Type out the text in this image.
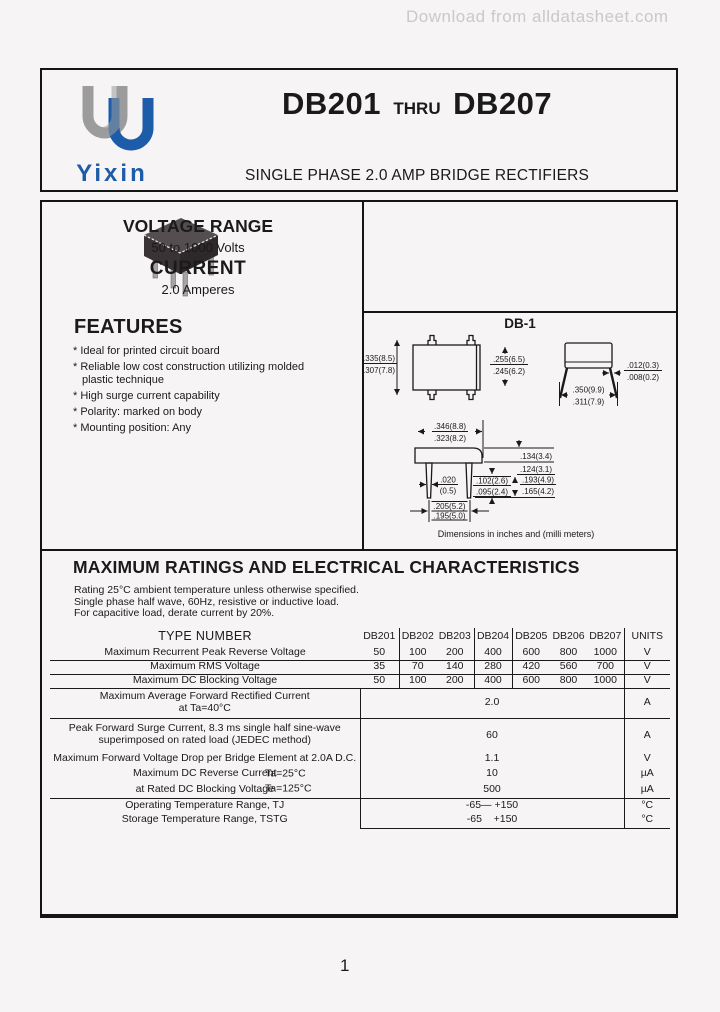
Download from alldatasheet.com
Yixin
DB201 THRU DB207
SINGLE PHASE 2.0 AMP BRIDGE RECTIFIERS
FEATURES
* Ideal for printed circuit board
* Reliable low cost construction utilizing molded plastic technique
* High surge current capability
* Polarity: marked on body
* Mounting position: Any
VOLTAGE RANGE
50 to 1000 Volts
CURRENT
2.0 Amperes
DB-1
.335(8.5)
.307(7.8)
.255(6.5)
.245(6.2)
.012(0.3)
.008(0.2)
.350(9.9)
.311(7.9)
.346(8.8)
.323(8.2)
.134(3.4)
.124(3.1)
.193(4.9)
.165(4.2)
.102(2.6)
.095(2.4)
.020
(0.5)
.205(5.2)
.195(5.0)
Dimensions in inches and (milli meters)
MAXIMUM RATINGS AND ELECTRICAL CHARACTERISTICS
Rating 25°C ambient temperature unless otherwise specified.
Single phase half wave, 60Hz, resistive or inductive load.
For capacitive load, derate current by 20%.
TYPE NUMBER	DB201	DB202	DB203	DB204	DB205	DB206	DB207	UNITS
Maximum Recurrent Peak Reverse Voltage	50	100	200	400	600	800	1000	V
Maximum RMS Voltage	35	70	140	280	420	560	700	V
Maximum DC Blocking Voltage	50	100	200	400	600	800	1000	V

Maximum Average Forward Rectified Current
at Ta=40°C	2.0							A

Peak Forward Surge Current, 8.3 ms single half sine-wave
superimposed on rated load (JEDEC method)	60							A
Maximum Forward Voltage Drop per Bridge Element at 2.0A D.C.	1.1							V
Maximum DC Reverse Current
Ta=25°C	10							µA
at Rated DC Blocking Voltage
Ta=125°C	500							µA
Operating Temperature Range, TJ	-65— +150							°C
Storage Temperature Range, TSTG	-65    +150							°C
1
